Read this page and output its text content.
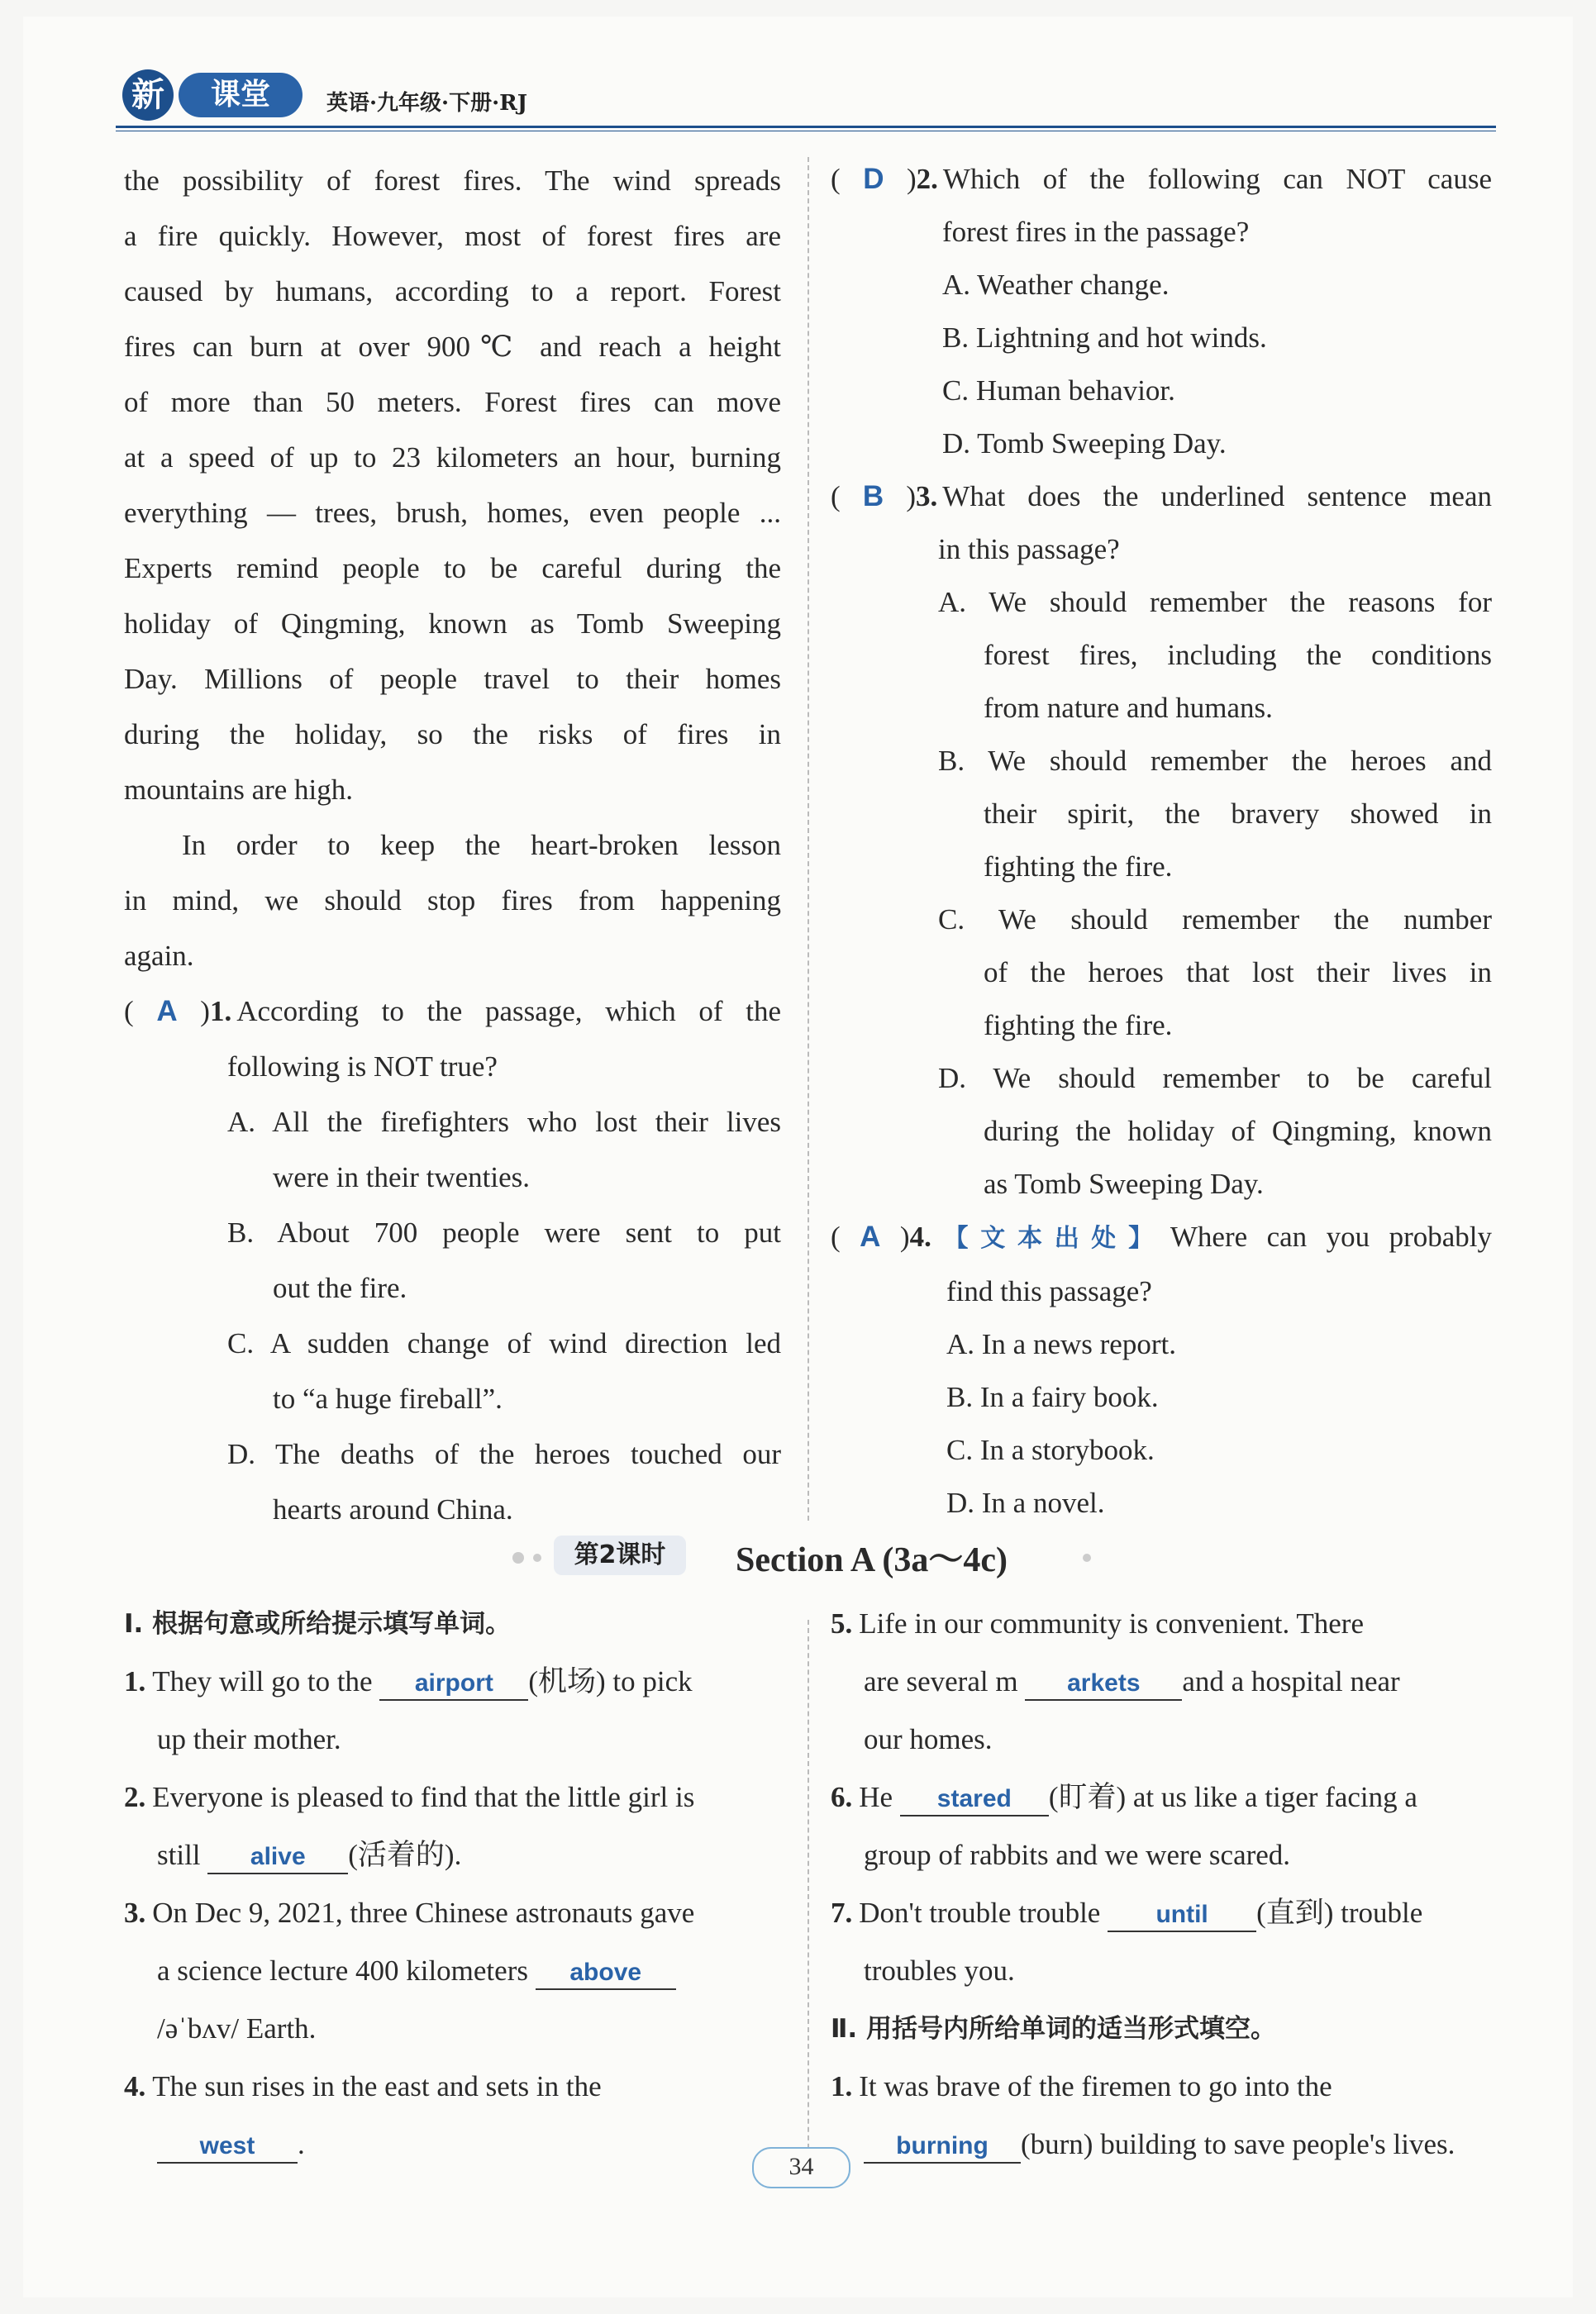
新	课堂	英语·九年级·下册·RJ
the possibility of forest fires. The wind spreads
a fire quickly. However, most of forest fires are
caused by humans, according to a report. Forest
fires can burn at over 900℃ and reach a height
of more than 50 meters. Forest fires can move
at a speed of up to 23 kilometers an hour, burning
everything — trees, brush, homes, even people ...
Experts remind people to be careful during the
holiday of Qingming, known as Tomb Sweeping
Day. Millions of people travel to their homes
during the holiday, so the risks of fires in
mountains are high.
In order to keep the heart-broken lesson
in mind, we should stop fires from happening
again.
( A )1. According to the passage, which of the
following is NOT true?
A. All the firefighters who lost their lives
were in their twenties.
B. About 700 people were sent to put
out the fire.
C. A sudden change of wind direction led
to “a huge fireball”.
D. The deaths of the heroes touched our
hearts around China.
( D )2. Which of the following can NOT cause
forest fires in the passage?
A. Weather change.
B. Lightning and hot winds.
C. Human behavior.
D. Tomb Sweeping Day.
( B )3. What does the underlined sentence mean
in this passage?
A. We should remember the reasons for
forest fires, including the conditions
from nature and humans.
B. We should remember the heroes and
their spirit, the bravery showed in
fighting the fire.
C. We should remember the number
of the heroes that lost their lives in
fighting the fire.
D. We should remember to be careful
during the holiday of Qingming, known
as Tomb Sweeping Day.
( A )4.【文本出处】 Where can you probably
find this passage?
A. In a news report.
B. In a fairy book.
C. In a storybook.
D. In a novel.
第2课时	Section A (3a～4c)
Ⅰ. 根据句意或所给提示填写单词。
1. They will go to the airport (机场) to pick
up their mother.
2. Everyone is pleased to find that the little girl is
still alive (活着的).
3. On Dec 9, 2021, three Chinese astronauts gave
a science lecture 400 kilometers above
/əˈbʌv/ Earth.
4. The sun rises in the east and sets in the
west .
5. Life in our community is convenient. There
are several m arkets and a hospital near
our homes.
6. He stared (盯着) at us like a tiger facing a
group of rabbits and we were scared.
7. Don't trouble trouble until (直到) trouble
troubles you.
Ⅱ. 用括号内所给单词的适当形式填空。
1. It was brave of the firemen to go into the
burning (burn) building to save people's lives.
34
